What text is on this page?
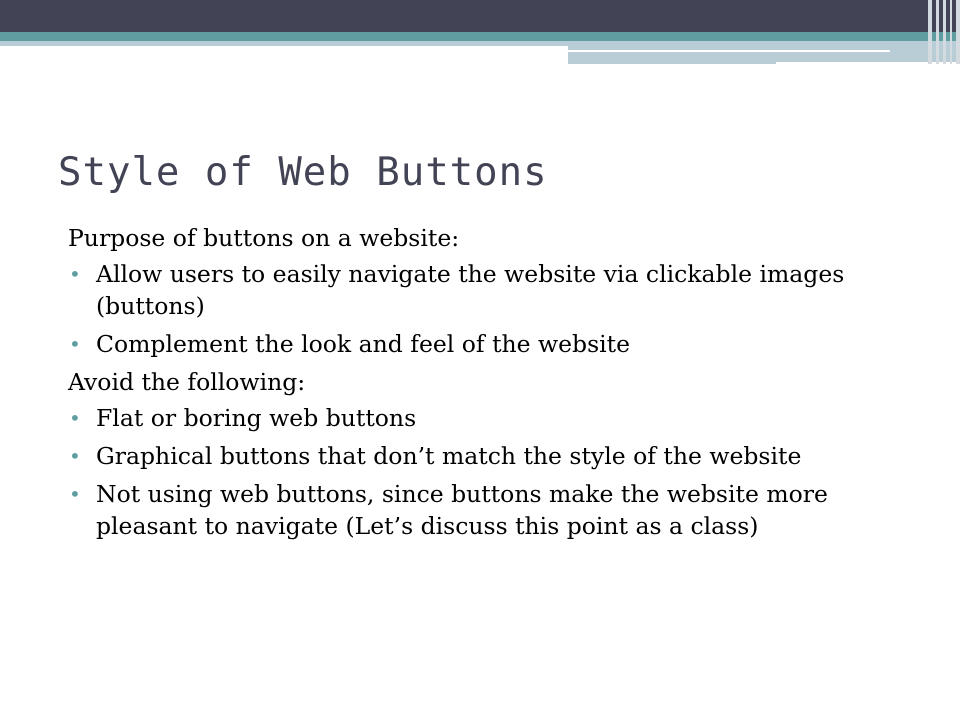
Style of Web Buttons

Purpose of buttons on a website:

• Allow users to easily navigate the website via clickable images (buttons)
• Complement the look and feel of the website

Avoid the following:

• Flat or boring web buttons
• Graphical buttons that don’t match the style of the website
• Not using web buttons, since buttons make the website more pleasant to navigate (Let’s discuss this point as a class)
